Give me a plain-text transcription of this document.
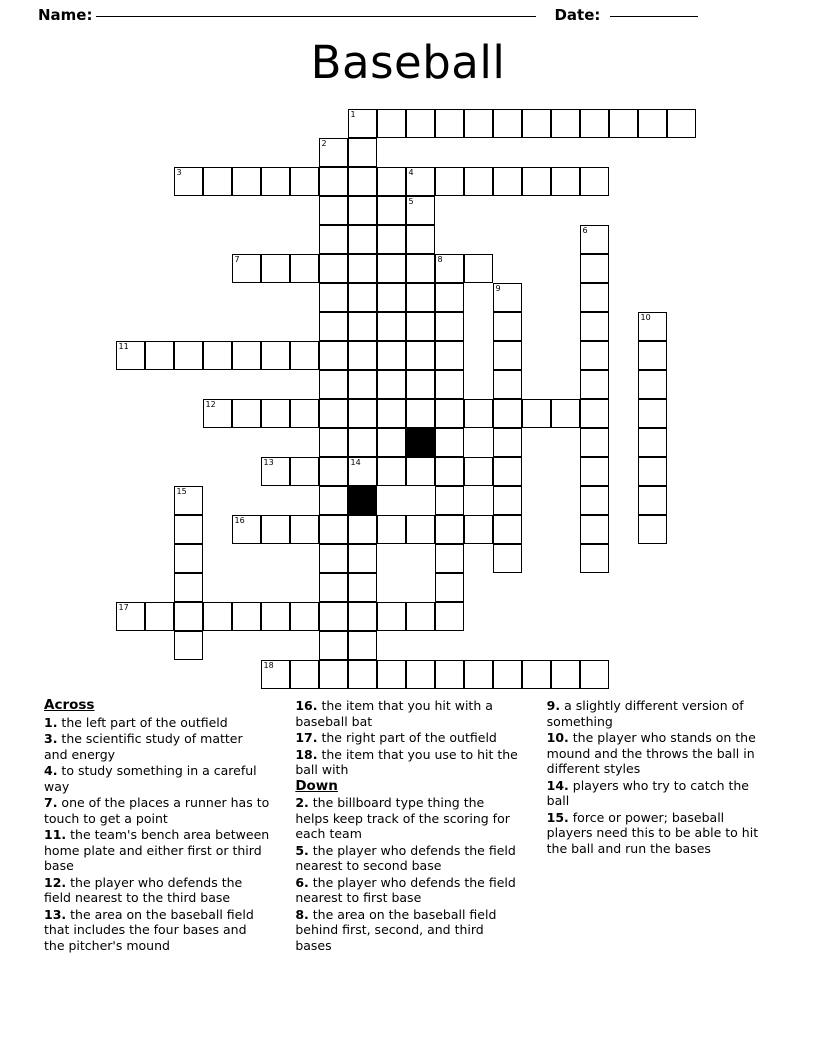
Name:	Date:
Baseball
1
2
3	4
5
6
7	8
9
10
11
12
13	14
15
16
17
18
Across

1. the left part of the outfield

3. the scientific study of matter and energy

4. to study something in a careful way

7. one of the places a runner has to touch to get a point

11. the team's bench area between home plate and either first or third base

12. the player who defends the field nearest to the third base

13. the area on the baseball field that includes the four bases and the pitcher's mound

16. the item that you hit with a baseball bat

17. the right part of the outfield

18. the item that you use to hit the ball with

Down

2. the billboard type thing the helps keep track of the scoring for each team

5. the player who defends the field nearest to second base

6. the player who defends the field nearest to first base

8. the area on the baseball field behind first, second, and third bases

9. a slightly different version of something

10. the player who stands on the mound and the throws the ball in different styles

14. players who try to catch the ball

15. force or power; baseball players need this to be able to hit the ball and run the bases
